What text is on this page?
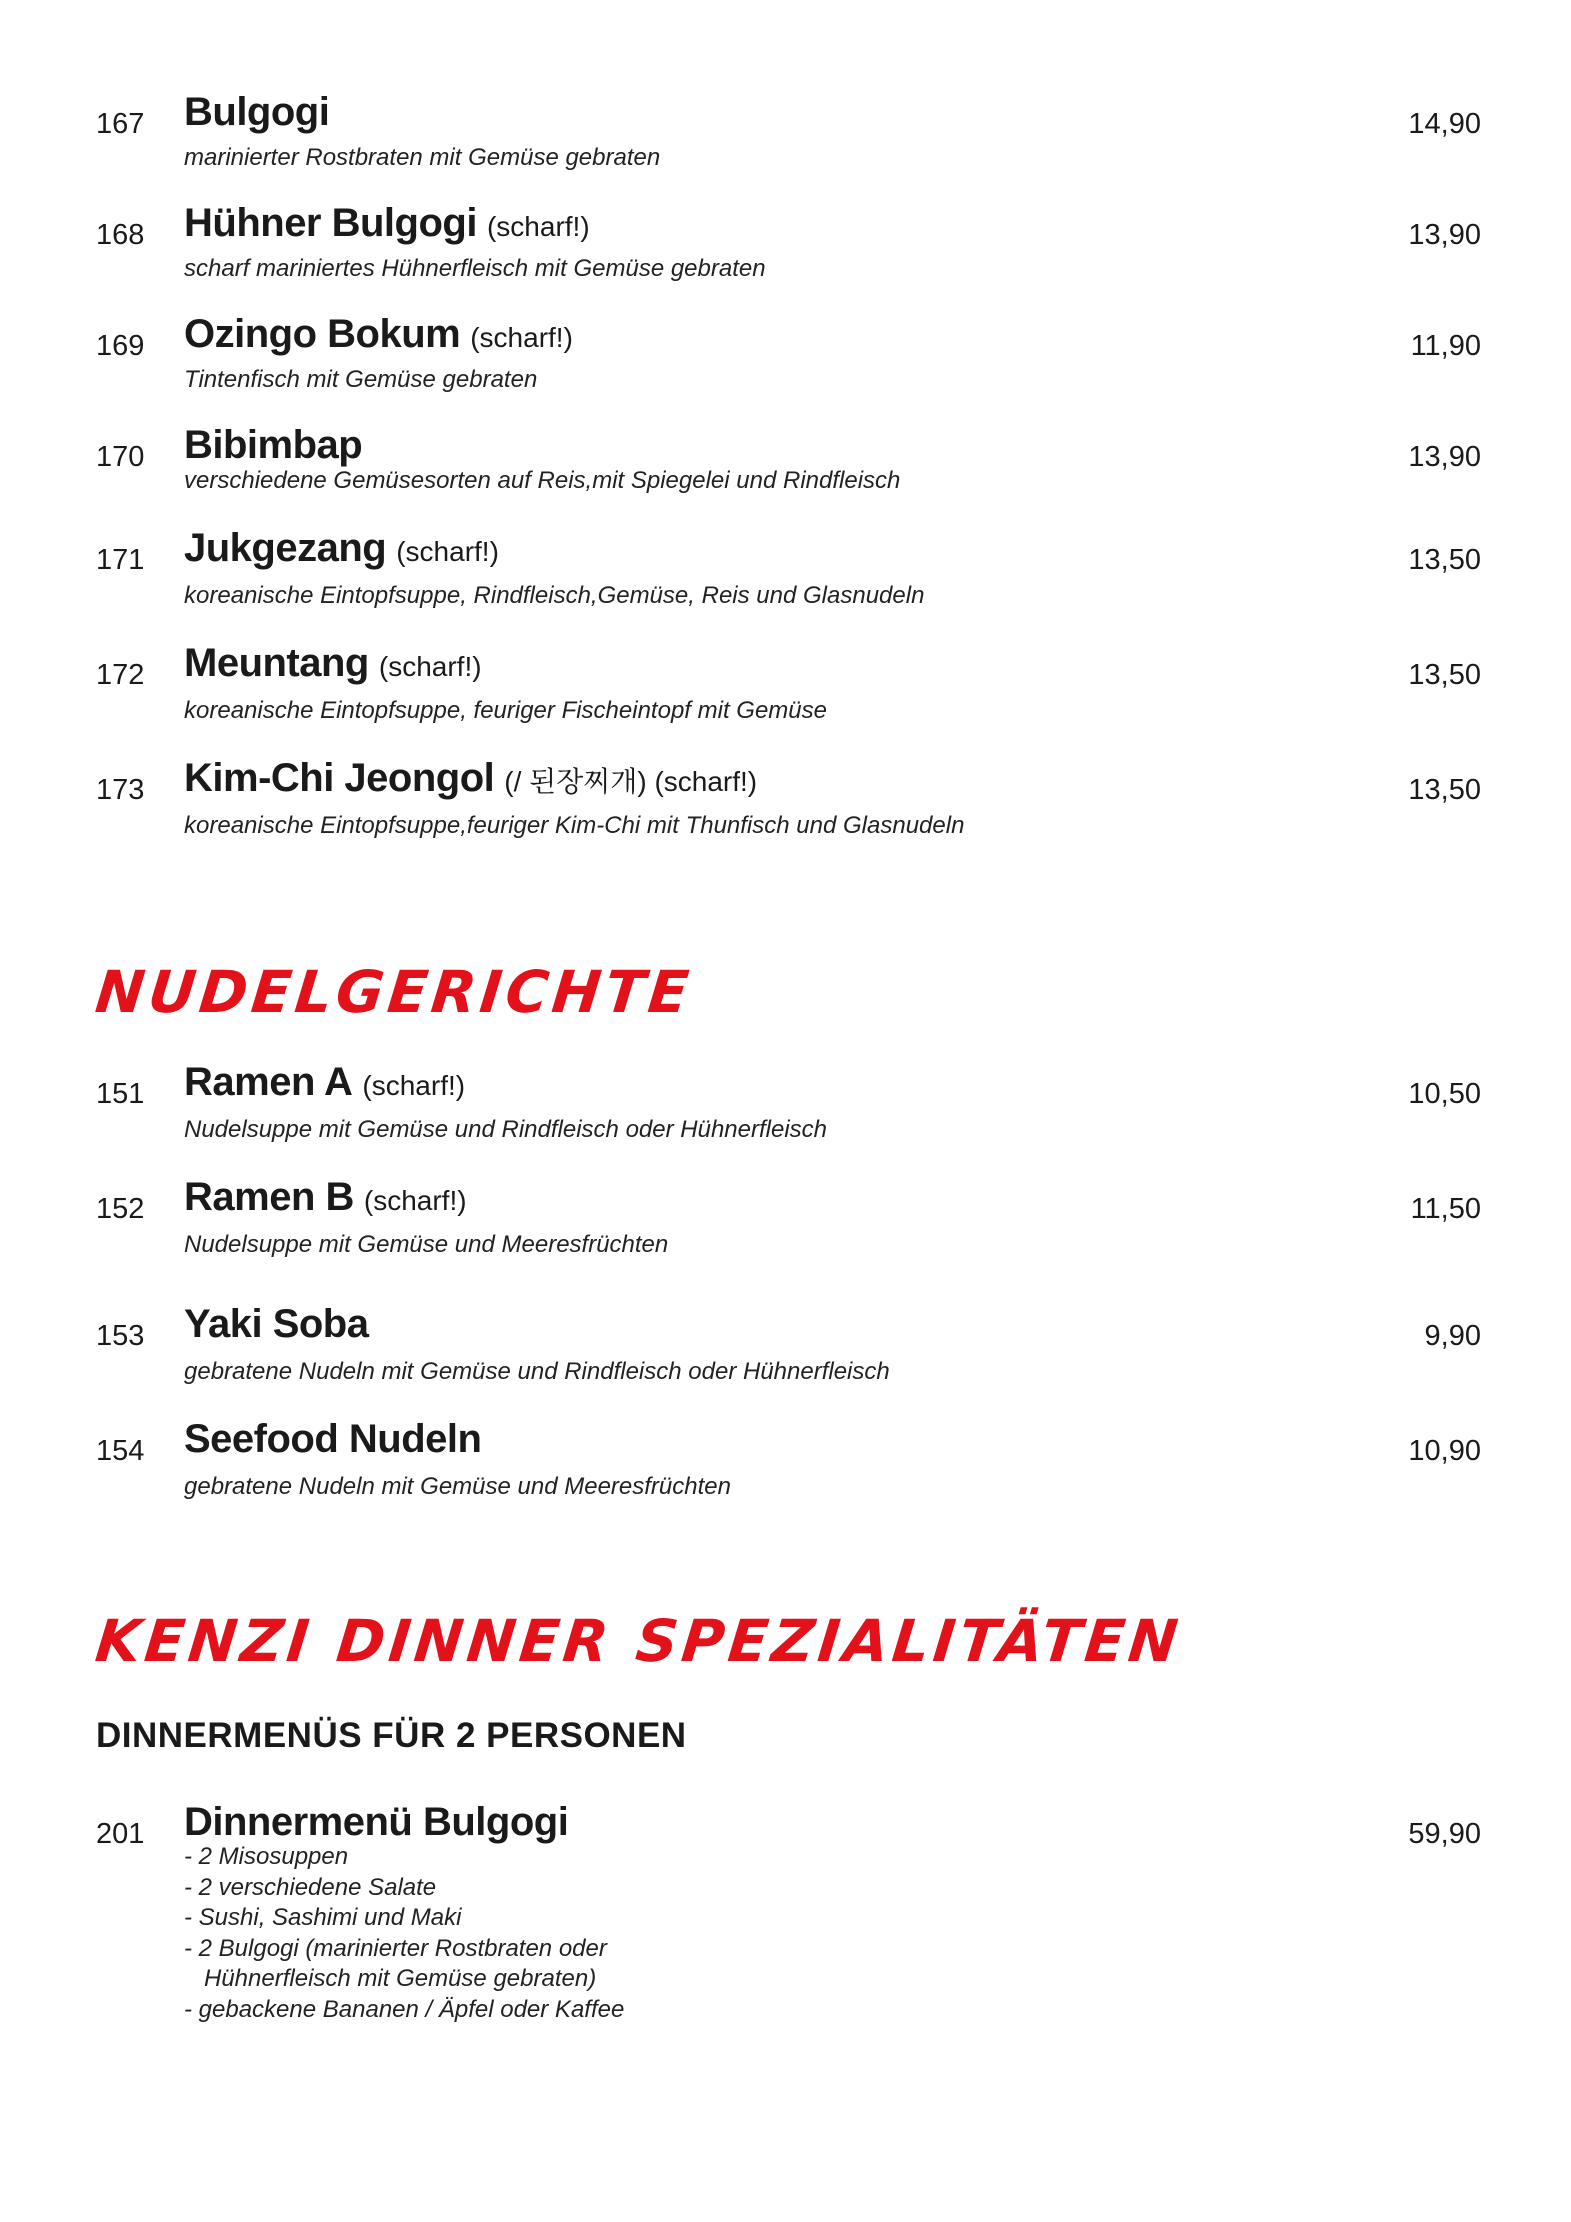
167 Bulgogi	14,90
marinierter Rostbraten mit Gemüse gebraten
168 Hühner Bulgogi (scharf!)	13,90
scharf mariniertes Hühnerfleisch mit Gemüse gebraten
169 Ozingo Bokum (scharf!)	11,90
Tintenfisch mit Gemüse gebraten
170 Bibimbap	13,90
verschiedene Gemüsesorten auf Reis,mit Spiegelei und Rindfleisch
171 Jukgezang (scharf!)	13,50
koreanische Eintopfsuppe, Rindfleisch,Gemüse, Reis und Glasnudeln
172 Meuntang (scharf!)	13,50
koreanische Eintopfsuppe, feuriger Fischeintopf mit Gemüse
173 Kim-Chi Jeongol (/ 된장찌개) (scharf!)	13,50
koreanische Eintopfsuppe,feuriger Kim-Chi mit Thunfisch und Glasnudeln
NUDELGERICHTE
151 Ramen A (scharf!)	10,50
Nudelsuppe mit Gemüse und Rindfleisch oder Hühnerfleisch
152 Ramen B (scharf!)	11,50
Nudelsuppe mit Gemüse und Meeresfrüchten
153 Yaki Soba	9,90
gebratene Nudeln mit Gemüse und Rindfleisch oder Hühnerfleisch
154 Seefood Nudeln	10,90
gebratene Nudeln mit Gemüse und Meeresfrüchten
KENZI DINNER SPEZIALITÄTEN
DINNERMENÜS FÜR 2 PERSONEN
201 Dinnermenü Bulgogi	59,90
- 2 Misosuppen
- 2 verschiedene Salate
- Sushi, Sashimi und Maki
- 2 Bulgogi (marinierter Rostbraten oder
Hühnerfleisch mit Gemüse gebraten)
- gebackene Bananen / Äpfel oder Kaffee
